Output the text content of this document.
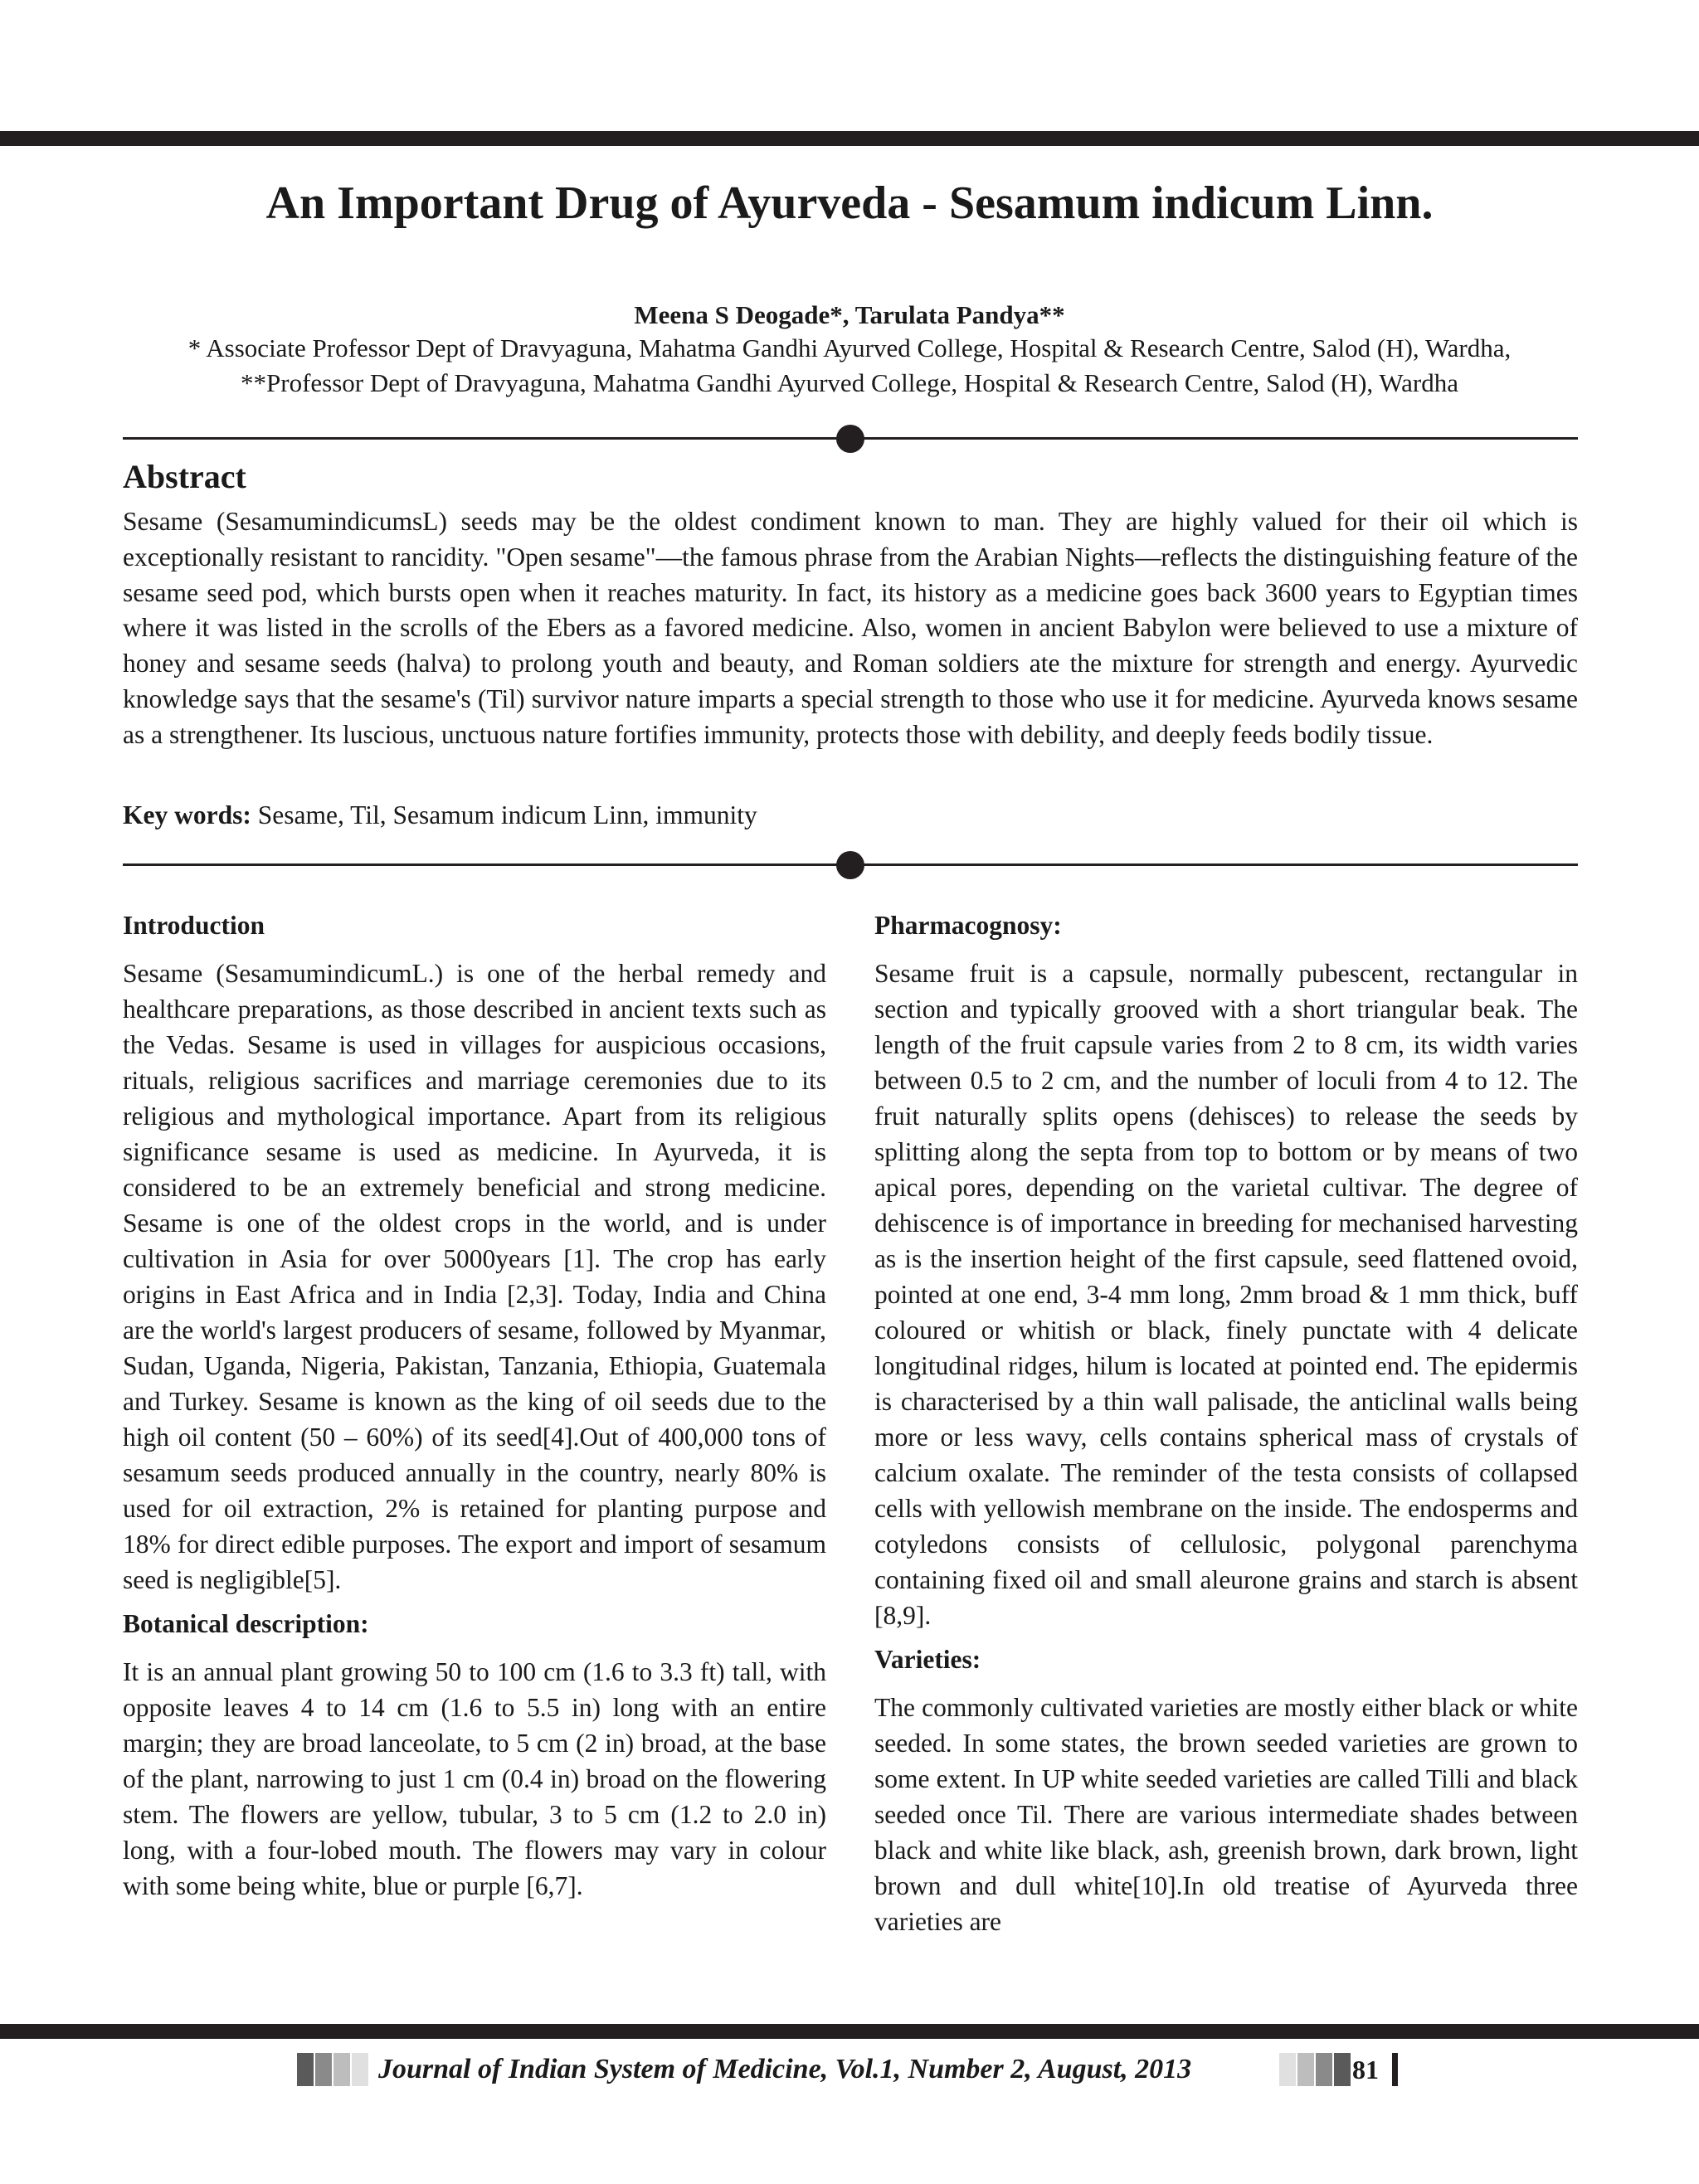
An Important Drug of Ayurveda - Sesamum indicum Linn.
Meena S Deogade*, Tarulata Pandya**
* Associate Professor Dept of Dravyaguna, Mahatma Gandhi Ayurved College, Hospital & Research Centre, Salod (H), Wardha,
**Professor Dept of Dravyaguna, Mahatma Gandhi Ayurved College, Hospital & Research Centre, Salod (H), Wardha
Abstract

Sesame (SesamumindicumsL) seeds may be the oldest condiment known to man. They are highly valued for their oil which is exceptionally resistant to rancidity. "Open sesame"—the famous phrase from the Arabian Nights—reflects the distinguishing feature of the sesame seed pod, which bursts open when it reaches maturity. In fact, its history as a medicine goes back 3600 years to Egyptian times where it was listed in the scrolls of the Ebers as a favored medicine. Also, women in ancient Babylon were believed to use a mixture of honey and sesame seeds (halva) to prolong youth and beauty, and Roman soldiers ate the mixture for strength and energy. Ayurvedic knowledge says that the sesame's (Til) survivor nature imparts a special strength to those who use it for medicine. Ayurveda knows sesame as a strengthener. Its luscious, unctuous nature fortifies immunity, protects those with debility, and deeply feeds bodily tissue.

Key words: Sesame, Til, Sesamum indicum Linn, immunity

Introduction

Sesame (SesamumindicumL.) is one of the herbal remedy and healthcare preparations, as those described in ancient texts such as the Vedas. Sesame is used in villages for auspicious occasions, rituals, religious sacrifices and marriage ceremonies due to its religious and mythological importance. Apart from its religious significance sesame is used as medicine. In Ayurveda, it is considered to be an extremely beneficial and strong medicine. Sesame is one of the oldest crops in the world, and is under cultivation in Asia for over 5000years [1]. The crop has early origins in East Africa and in India [2,3]. Today, India and China are the world's largest producers of sesame, followed by Myanmar, Sudan, Uganda, Nigeria, Pakistan, Tanzania, Ethiopia, Guatemala and Turkey. Sesame is known as the king of oil seeds due to the high oil content (50 – 60%) of its seed[4].Out of 400,000 tons of sesamum seeds produced annually in the country, nearly 80% is used for oil extraction, 2% is retained for planting purpose and 18% for direct edible purposes. The export and import of sesamum seed is negligible[5].

Botanical description:

It is an annual plant growing 50 to 100 cm (1.6 to 3.3 ft) tall, with opposite leaves 4 to 14 cm (1.6 to 5.5 in) long with an entire margin; they are broad lanceolate, to 5 cm (2 in) broad, at the base of the plant, narrowing to just 1 cm (0.4 in) broad on the flowering stem. The flowers are yellow, tubular, 3 to 5 cm (1.2 to 2.0 in) long, with a four-lobed mouth. The flowers may vary in colour with some being white, blue or purple [6,7].

Pharmacognosy:

Sesame fruit is a capsule, normally pubescent, rectangular in section and typically grooved with a short triangular beak. The length of the fruit capsule varies from 2 to 8 cm, its width varies between 0.5 to 2 cm, and the number of loculi from 4 to 12. The fruit naturally splits opens (dehisces) to release the seeds by splitting along the septa from top to bottom or by means of two apical pores, depending on the varietal cultivar. The degree of dehiscence is of importance in breeding for mechanised harvesting as is the insertion height of the first capsule, seed flattened ovoid, pointed at one end, 3-4 mm long, 2mm broad & 1 mm thick, buff coloured or whitish or black, finely punctate with 4 delicate longitudinal ridges, hilum is located at pointed end. The epidermis is characterised by a thin wall palisade, the anticlinal walls being more or less wavy, cells contains spherical mass of crystals of calcium oxalate. The reminder of the testa consists of collapsed cells with yellowish membrane on the inside. The endosperms and cotyledons consists of cellulosic, polygonal parenchyma containing fixed oil and small aleurone grains and starch is absent [8,9].

Varieties:

The commonly cultivated varieties are mostly either black or white seeded. In some states, the brown seeded varieties are grown to some extent. In UP white seeded varieties are called Tilli and black seeded once Til. There are various intermediate shades between black and white like black, ash, greenish brown, dark brown, light brown and dull white[10].In old treatise of Ayurveda three varieties are

Journal of Indian System of Medicine, Vol.1, Number 2, August, 2013	81
